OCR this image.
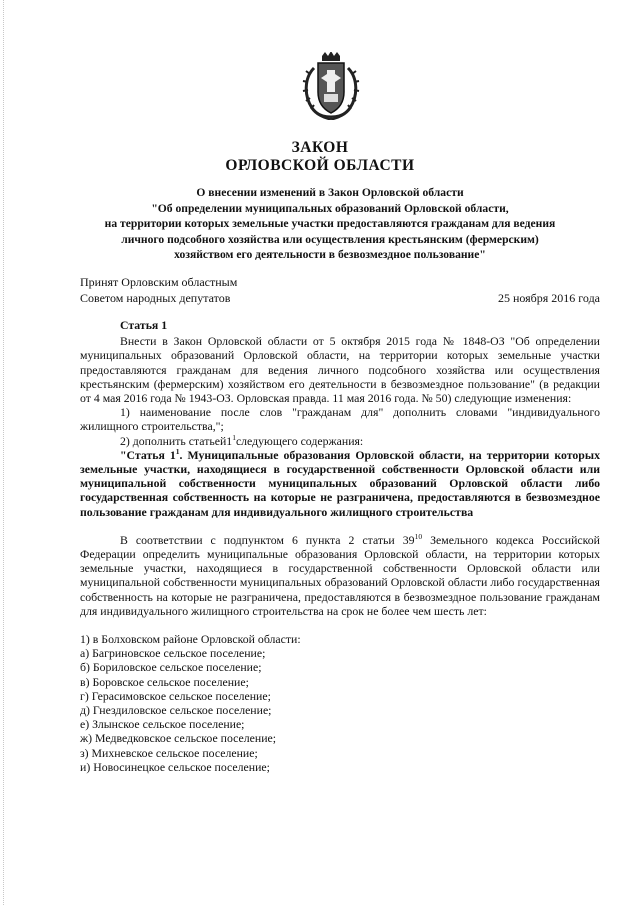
ЗАКОН
ОРЛОВСКОЙ ОБЛАСТИ
О внесении изменений в Закон Орловской области
"Об определении муниципальных образований Орловской области,
на территории которых земельные участки предоставляются гражданам для ведения
личного подсобного хозяйства или осуществления крестьянским (фермерским)
хозяйством его деятельности в безвозмездное пользование"
Принят Орловским областным
Советом народных депутатов	25 ноября 2016 года

Статья 1

Внести в Закон Орловской области от 5 октября 2015 года № 1848-ОЗ "Об определении муниципальных образований Орловской области, на территории которых земельные участки предоставляются гражданам для ведения личного подсобного хозяйства или осуществления крестьянским (фермерским) хозяйством его деятельности в безвозмездное пользование" (в редакции от 4 мая 2016 года № 1943-ОЗ. Орловская правда. 11 мая 2016 года. № 50) следующие изменения:

1) наименование после слов "гражданам для" дополнить словами "индивидуального жилищного строительства,";

2) дополнить $статьей1^1следующего$ содержания:

"Статья $1^1$. Муниципальные образования Орловской области, на территории которых земельные участки, находящиеся в государственной собственности Орловской области или муниципальной собственности муниципальных образований Орловской области либо государственная собственность на которые не разграничена, предоставляются в безвозмездное пользование гражданам для индивидуального жилищного строительства

В соответствии с подпунктом 6 пункта 2 статьи $39^{10}$ Земельного кодекса Российской Федерации определить муниципальные образования Орловской области, на территории которых земельные участки, находящиеся в государственной собственности Орловской области или муниципальной собственности муниципальных образований Орловской области либо государственная собственность на которые не разграничена, предоставляются в безвозмездное пользование гражданам для индивидуального жилищного строительства на срок не более чем шесть лет:

1) в Болховском районе Орловской области:

а) Багриновское сельское поселение;

б) Бориловское сельское поселение;

в) Боровское сельское поселение;

г) Герасимовское сельское поселение;

д) Гнездиловское сельское поселение;

е) Злынское сельское поселение;

ж) Медведковское сельское поселение;

з) Михневское сельское поселение;

и) Новосинецкое сельское поселение;
